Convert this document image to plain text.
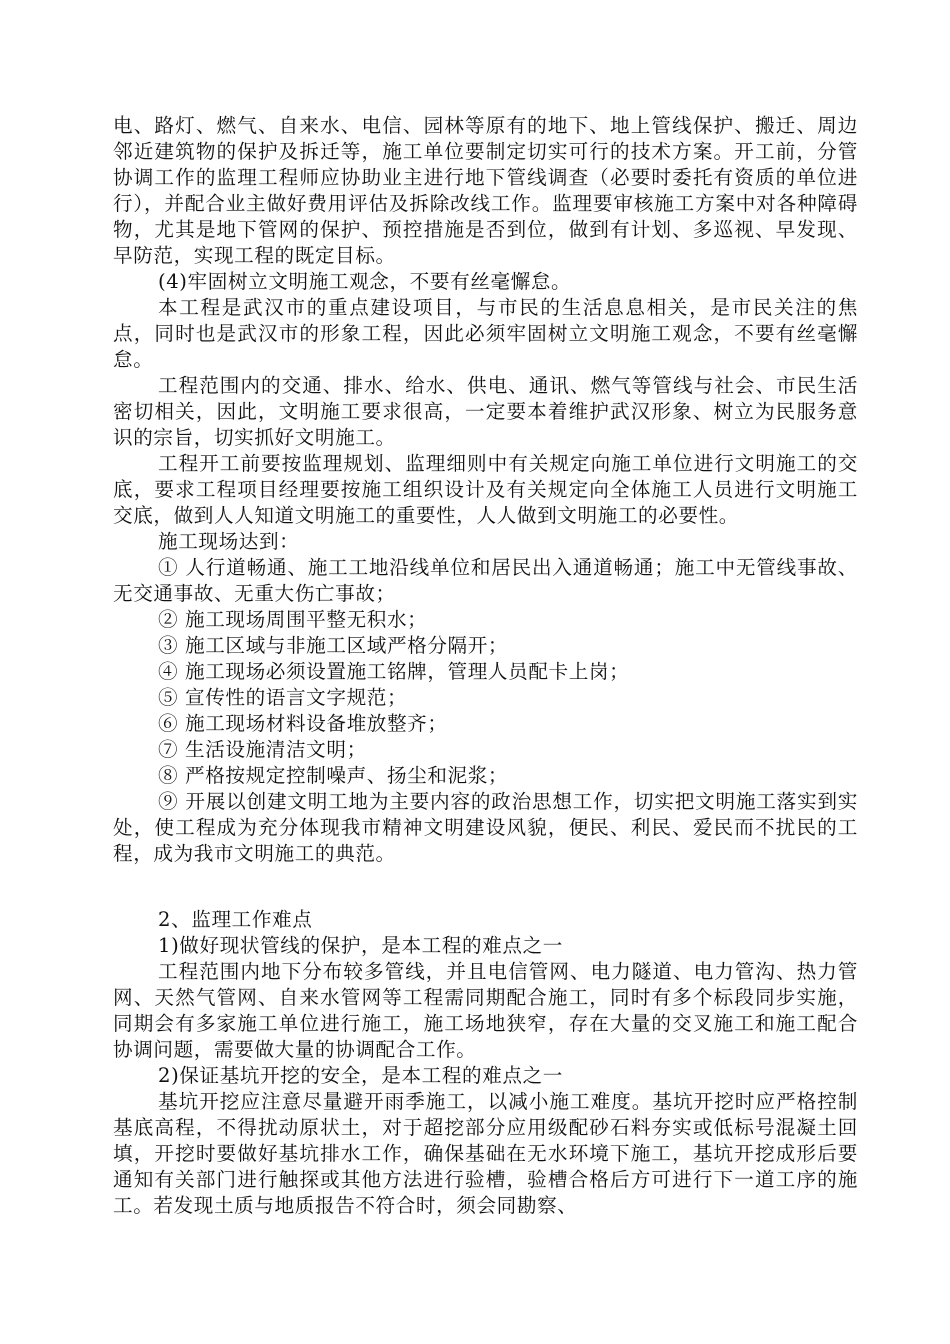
电、路灯、燃气、自来水、电信、园林等原有的地下、地上管线保护、搬迁、周边邻近建筑物的保护及拆迁等，施工单位要制定切实可行的技术方案。开工前，分管协调工作的监理工程师应协助业主进行地下管线调查（必要时委托有资质的单位进行），并配合业主做好费用评估及拆除改线工作。监理要审核施工方案中对各种障碍物，尤其是地下管网的保护、预控措施是否到位，做到有计划、多巡视、早发现、早防范，实现工程的既定目标。

(4)牢固树立文明施工观念，不要有丝毫懈怠。

本工程是武汉市的重点建设项目，与市民的生活息息相关，是市民关注的焦点，同时也是武汉市的形象工程，因此必须牢固树立文明施工观念，不要有丝毫懈怠。

工程范围内的交通、排水、给水、供电、通讯、燃气等管线与社会、市民生活密切相关，因此，文明施工要求很高，一定要本着维护武汉形象、树立为民服务意识的宗旨，切实抓好文明施工。

工程开工前要按监理规划、监理细则中有关规定向施工单位进行文明施工的交底，要求工程项目经理要按施工组织设计及有关规定向全体施工人员进行文明施工交底，做到人人知道文明施工的重要性，人人做到文明施工的必要性。

施工现场达到：

① 人行道畅通、施工工地沿线单位和居民出入通道畅通；施工中无管线事故、无交通事故、无重大伤亡事故；

② 施工现场周围平整无积水；

③ 施工区域与非施工区域严格分隔开；

④ 施工现场必须设置施工铭牌，管理人员配卡上岗；

⑤ 宣传性的语言文字规范；

⑥ 施工现场材料设备堆放整齐；

⑦ 生活设施清洁文明；

⑧ 严格按规定控制噪声、扬尘和泥浆；

⑨ 开展以创建文明工地为主要内容的政治思想工作，切实把文明施工落实到实处，使工程成为充分体现我市精神文明建设风貌，便民、利民、爱民而不扰民的工程，成为我市文明施工的典范。

2、监理工作难点

1)做好现状管线的保护，是本工程的难点之一

工程范围内地下分布较多管线，并且电信管网、电力隧道、电力管沟、热力管网、天然气管网、自来水管网等工程需同期配合施工，同时有多个标段同步实施，同期会有多家施工单位进行施工，施工场地狭窄，存在大量的交叉施工和施工配合协调问题，需要做大量的协调配合工作。

2)保证基坑开挖的安全，是本工程的难点之一

基坑开挖应注意尽量避开雨季施工，以减小施工难度。基坑开挖时应严格控制基底高程，不得扰动原状土，对于超挖部分应用级配砂石料夯实或低标号混凝土回填，开挖时要做好基坑排水工作，确保基础在无水环境下施工，基坑开挖成形后要通知有关部门进行触探或其他方法进行验槽，验槽合格后方可进行下一道工序的施工。若发现土质与地质报告不符合时，须会同勘察、
